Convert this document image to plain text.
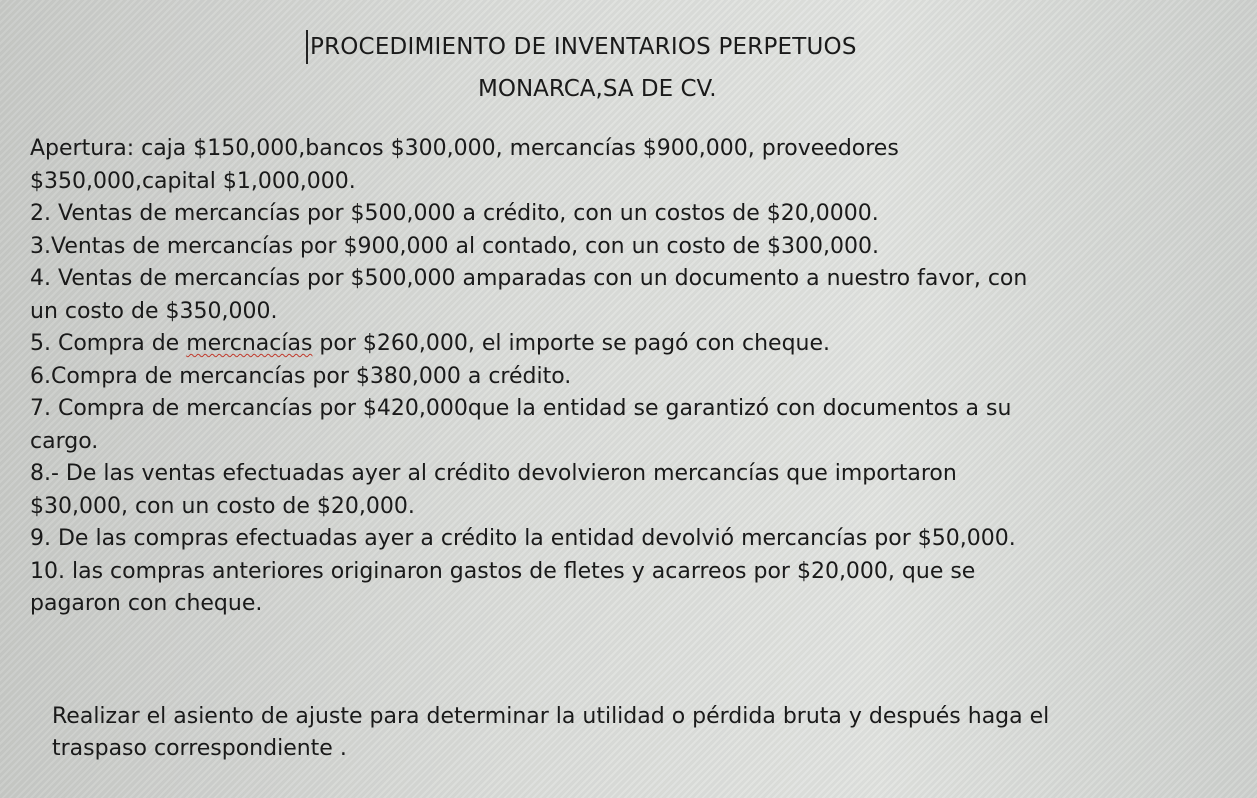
PROCEDIMIENTO DE INVENTARIOS PERPETUOS
MONARCA,SA DE CV.
Apertura: caja $150,000,bancos $300,000, mercancías $900,000, proveedores
$350,000,capital $1,000,000.
2. Ventas de mercancías por $500,000 a crédito, con un costos de $20,0000.
3.Ventas de mercancías por $900,000 al contado, con un costo de $300,000.
4. Ventas de mercancías por $500,000 amparadas con un documento a nuestro favor, con
un costo de $350,000.
5. Compra de mercnacías por $260,000, el importe se pagó con cheque.
6.Compra de mercancías por $380,000 a crédito.
7. Compra de mercancías por $420,000que la entidad se garantizó con documentos a su
cargo.
8.- De las ventas efectuadas ayer al crédito devolvieron mercancías que importaron
$30,000, con un costo de $20,000.
9. De las compras efectuadas ayer a crédito la entidad devolvió mercancías por $50,000.
10. las compras anteriores originaron gastos de fletes y acarreos por $20,000, que se
pagaron con cheque.
Realizar el asiento de ajuste para determinar la utilidad o pérdida bruta y después haga el
traspaso correspondiente .
